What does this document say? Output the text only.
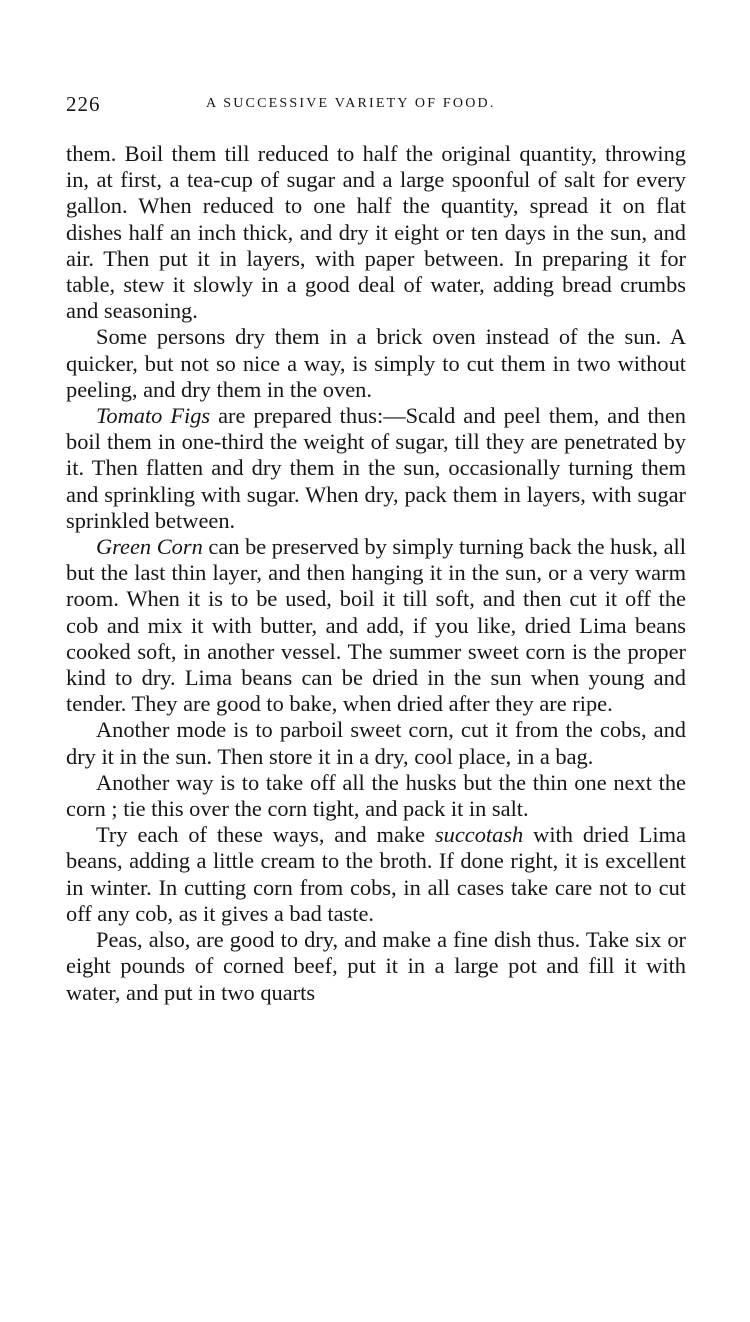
226	A SUCCESSIVE VARIETY OF FOOD.

them. Boil them till reduced to half the original quantity, throwing in, at first, a tea-cup of sugar and a large spoonful of salt for every gallon. When reduced to one half the quantity, spread it on flat dishes half an inch thick, and dry it eight or ten days in the sun, and air. Then put it in layers, with paper between. In preparing it for table, stew it slowly in a good deal of water, adding bread crumbs and seasoning.

Some persons dry them in a brick oven instead of the sun. A quicker, but not so nice a way, is simply to cut them in two without peeling, and dry them in the oven.

Tomato Figs are prepared thus:—Scald and peel them, and then boil them in one-third the weight of sugar, till they are penetrated by it. Then flatten and dry them in the sun, occasionally turning them and sprinkling with sugar. When dry, pack them in layers, with sugar sprinkled between.

Green Corn can be preserved by simply turning back the husk, all but the last thin layer, and then hanging it in the sun, or a very warm room. When it is to be used, boil it till soft, and then cut it off the cob and mix it with butter, and add, if you like, dried Lima beans cooked soft, in another vessel. The summer sweet corn is the proper kind to dry. Lima beans can be dried in the sun when young and tender. They are good to bake, when dried after they are ripe.

Another mode is to parboil sweet corn, cut it from the cobs, and dry it in the sun. Then store it in a dry, cool place, in a bag.

Another way is to take off all the husks but the thin one next the corn ; tie this over the corn tight, and pack it in salt.

Try each of these ways, and make succotash with dried Lima beans, adding a little cream to the broth. If done right, it is excellent in winter. In cutting corn from cobs, in all cases take care not to cut off any cob, as it gives a bad taste.

Peas, also, are good to dry, and make a fine dish thus. Take six or eight pounds of corned beef, put it in a large pot and fill it with water, and put in two quarts
